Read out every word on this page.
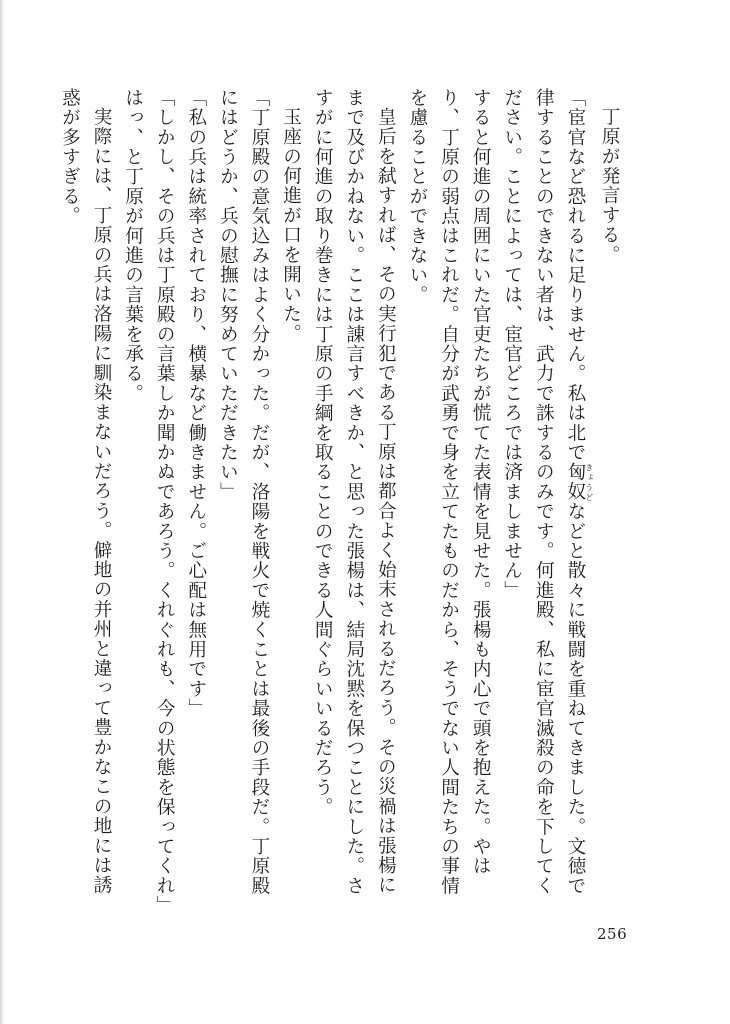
丁原が発言する。
「宦官など恐れるに足りません。私は北で匈奴 きょうどなどと散々に戦闘を重ねてきました。文徳で律することのできない者は、武力で誅するのみです。何進殿、私に宦官滅殺の命を下してください。ことによっては、宦官どころでは済ましません」
すると何進の周囲にいた官吏たちが慌てた表情を見せた。張楊も内心で頭を抱えた。やはり、丁原の弱点はこれだ。自分が武勇で身を立てたものだから、そうでない人間たちの事情を慮ることができない。
皇后を弑すれば、その実行犯である丁原は都合よく始末されるだろう。その災禍は張楊にまで及びかねない。ここは諌言すべきか、と思った張楊は、結局沈黙を保つことにした。さすがに何進の取り巻きには丁原の手綱を取ることのできる人間ぐらいいるだろう。
玉座の何進が口を開いた。
「丁原殿の意気込みはよく分かった。だが、洛陽を戦火で焼くことは最後の手段だ。丁原殿にはどうか、兵の慰撫に努めていただきたい」
「私の兵は統率されており、横暴など働きません。ご心配は無用です」
「しかし、その兵は丁原殿の言葉しか聞かぬであろう。くれぐれも、今の状態を保ってくれ」
はっ、と丁原が何進の言葉を承る。
実際には、丁原の兵は洛陽に馴染まないだろう。僻地の并州と違って豊かなこの地には誘惑が多すぎる。
256
